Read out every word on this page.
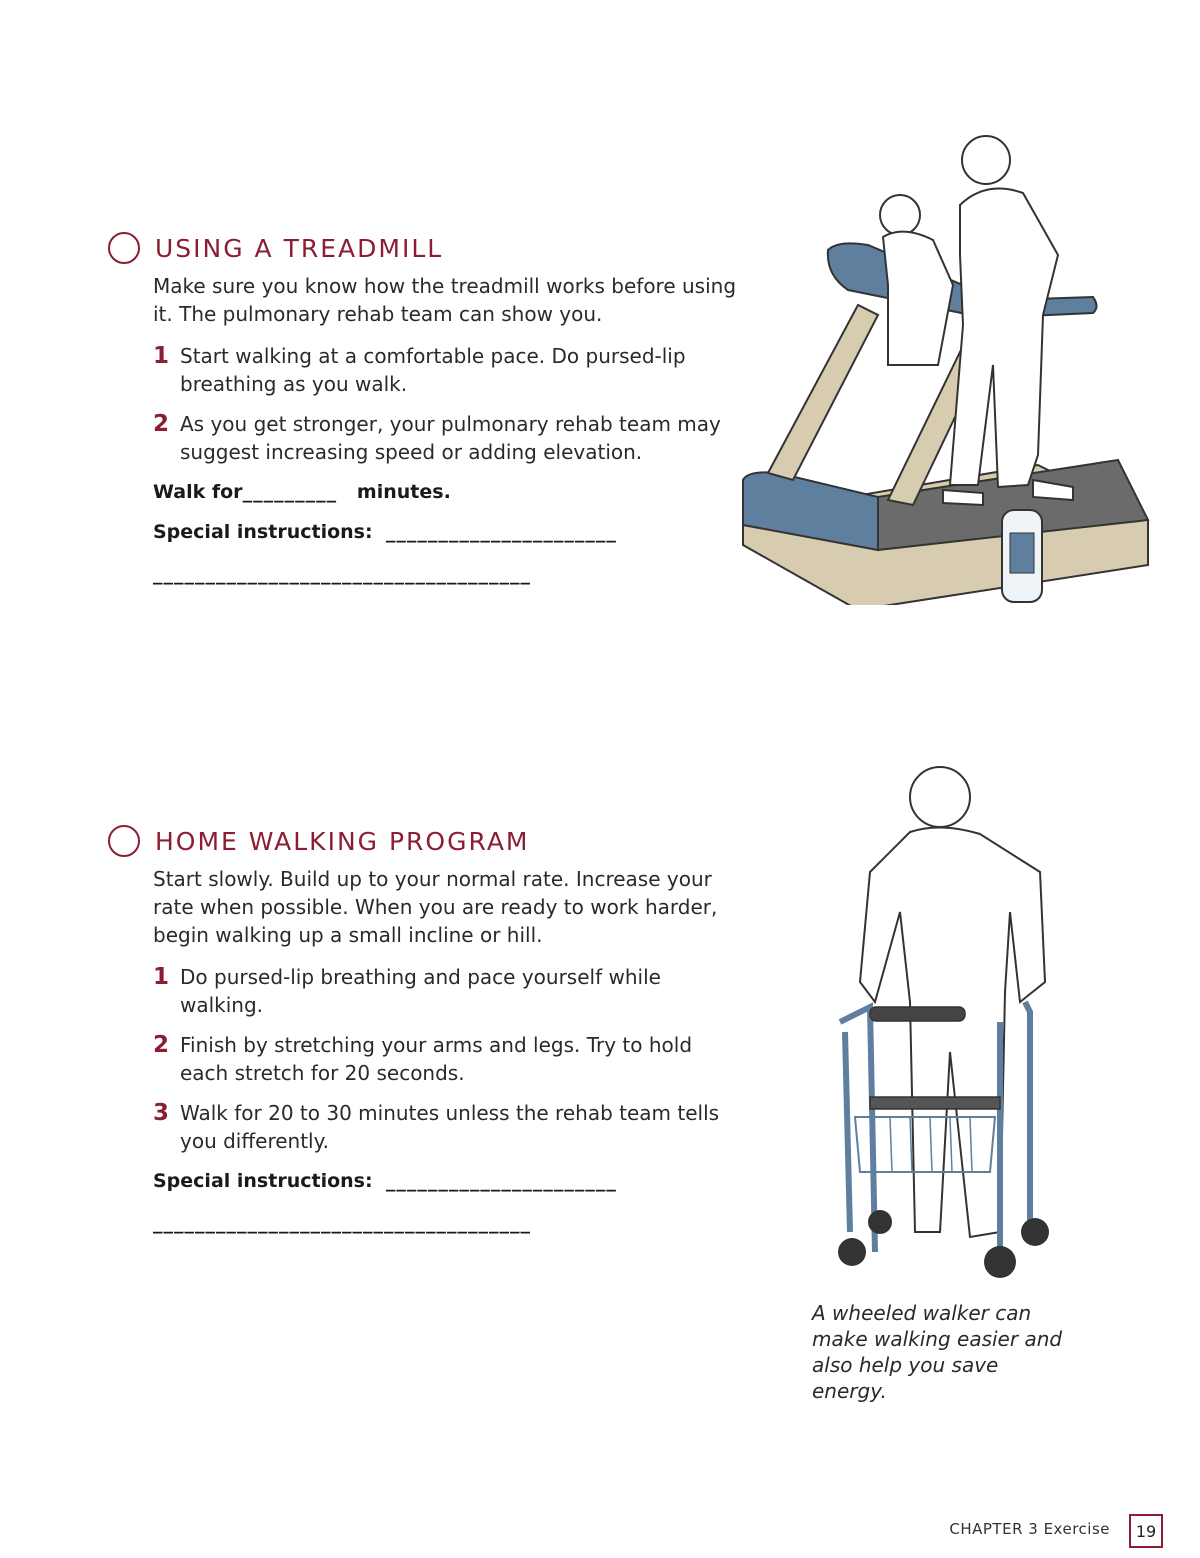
USING A TREADMILL
Make sure you know how the treadmill works before using it. The pulmonary rehab team can show you.
1 Start walking at a comfortable pace. Do pursed-lip breathing as you walk.
2 As you get stronger, your pulmonary rehab team may suggest increasing speed or adding elevation.
Walk for_________ minutes.
Special instructions: ______________________
____________________________________
HOME WALKING PROGRAM
Start slowly. Build up to your normal rate. Increase your rate when possible. When you are ready to work harder, begin walking up a small incline or hill.
1 Do pursed-lip breathing and pace yourself while walking.
2 Finish by stretching your arms and legs. Try to hold each stretch for 20 seconds.
3 Walk for 20 to 30 minutes unless the rehab team tells you differently.
Special instructions: ______________________
____________________________________
A wheeled walker can make walking easier and also help you save energy.
CHAPTER 3 Exercise	19
